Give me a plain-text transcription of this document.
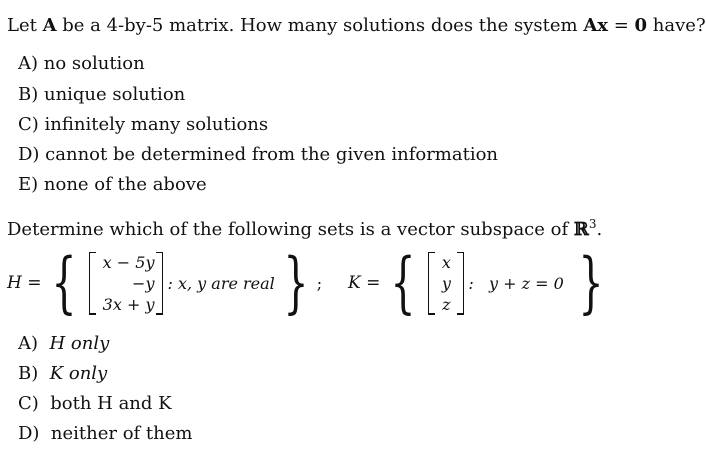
Let A be a 4-by-5 matrix. How many solutions does the system Ax = 0 have?
A) no solution
B) unique solution
C) infinitely many solutions
D) cannot be determined from the given information
E) none of the above
Determine which of the following sets is a vector subspace of ℝ$^3$.
H = { x − 5y
−y
3x + y
: x, y are real } ; K = { x
y
z
:   y + z = 0 }
A)  H only
B)  K only
C)  both H and K
D)  neither of them
